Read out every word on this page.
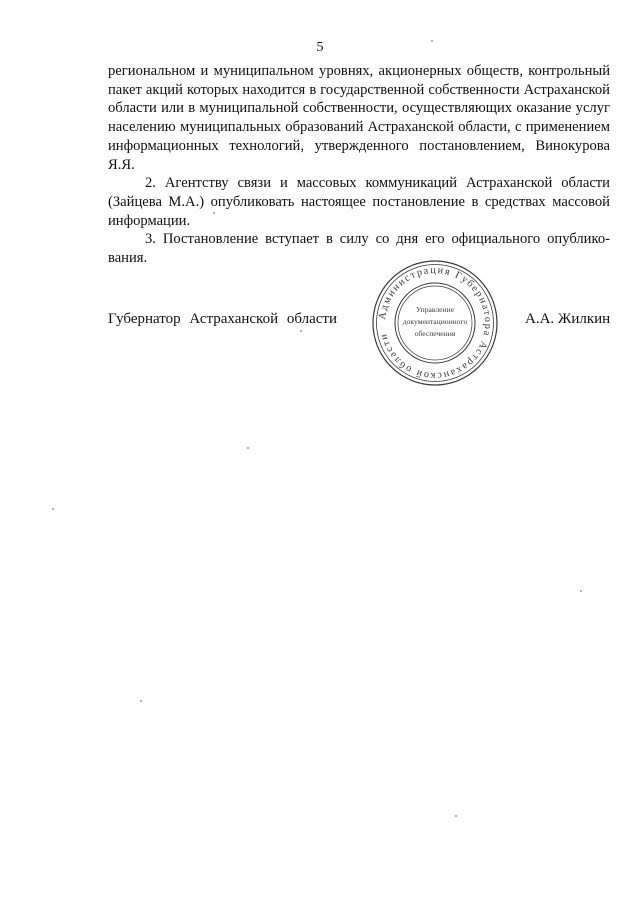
5

региональном и муниципальном уровнях, акционерных обществ, контрольный пакет акций которых находится в государственной собственности Астраханской области или в муниципальной собственности, осуществляющих оказание услуг населению муниципальных образований Астраханской области, с применением информационных технологий, утвержденного постановлением, Винокурова Я.Я.

2. Агентству связи и массовых коммуникаций Астраханской области (Зайцева М.А.) опубликовать настоящее постановление в средствах массовой информации.

3. Постановление вступает в силу со дня его официального опубликования.

Губернатор Астраханской области	Администрация Губернатора Астраханской области
Управление
документационного
обеспечения
А.А. Жилкин
